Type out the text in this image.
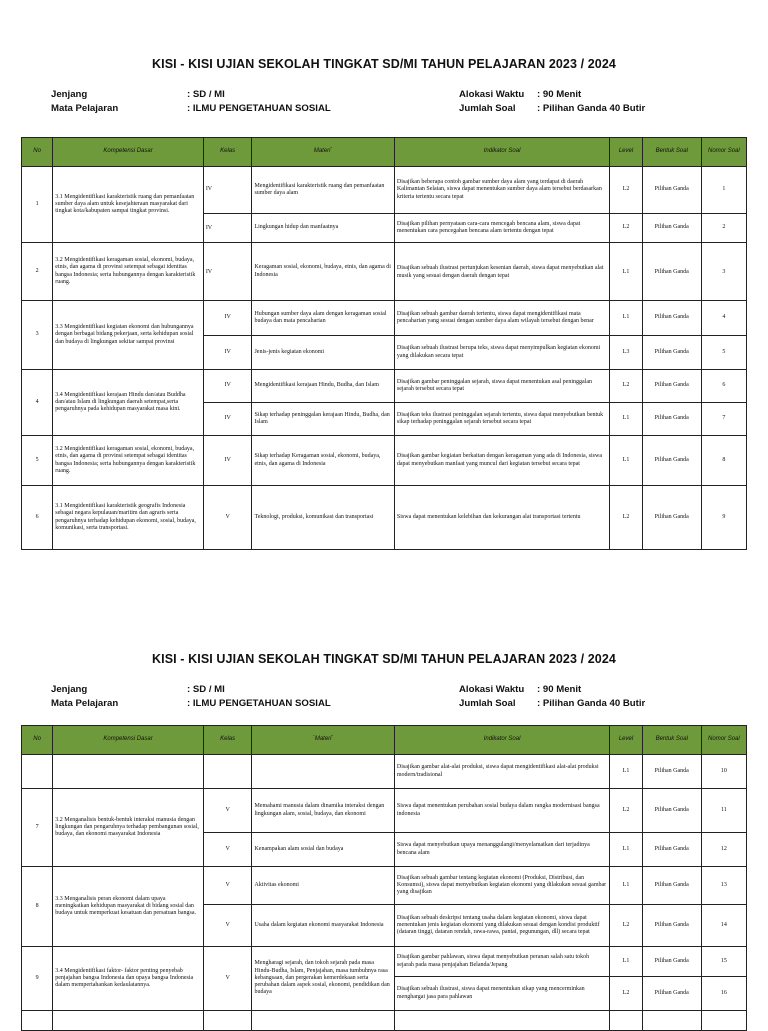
KISI - KISI UJIAN SEKOLAH TINGKAT SD/MI TAHUN PELAJARAN 2023 / 2024
Jenjang	: SD / MI
Mata Pelajaran	: ILMU PENGETAHUAN SOSIAL
Alokasi Waktu : 90 Menit
Jumlah Soal : Pilihan Ganda 40 Butir
No	Kompetensi Dasar	Kelas	Materi`	Indikator Soal	Level	Bentuk Soal	Nomor Soal
1	3.1 Mengidentifikasi karakteristik ruang dan pemanfaatan sumber daya alam untuk kesejahteraan masyarakat dari tingkat kota/kabupaten sampai tingkat provinsi.	IV	Mengidentifikasi karakteristik ruang dan pemanfaatan sumber daya alam	Disajikan beberapa contoh gambar sumber daya alam yang terdapat di daerah Kalimantan Selatan, siswa dapat menentukan sumber daya alam tersebut berdasarkan kriteria tertentu secara tepat	L2	Pilihan Ganda	1
		IV	Lingkungan hidup dan manfaatnya	Disajikan pilihan pernyataan cara-cara mencegah bencana alam, siswa dapat menentukan cara pencegahan bencana alam tertentu dengan tepat	L2	Pilihan Ganda	2
2	3.2 Mengidentifikasi keragaman sosial, ekonomi, budaya, etnis, dan agama di provinsi setempat sebagai identitas bangsa Indonesia; serta hubungannya dengan karakteristik ruang.	IV	Keragaman sosial, ekonomi, budaya, etnis, dan agama di Indonesia	Disajikan sebuah ilustrasi pertunjukan kesenian daerah, siswa dapat menyebutkan alat musik yang sesuai dengan daerah dengan tepat	L1	Pilihan Ganda	3
3	3.3 Mengidentifikasi kegiatan ekonomi dan hubungannya dengan berbagai bidang pekerjaan, serta kehidupan sosial dan budaya di lingkungan sekitar sampai provinsi	IV	Hubungan sumber daya alam dengan keragaman sosial budaya dan mata pencaharian	Disajikan sebuah gambar daerah tertentu, siswa dapat mengidentifikasi mata pencaharian yang sesuai dengan sumber daya alam wilayah tersebut dengan benar	L1	Pilihan Ganda	4
		IV	Jenis-jenis kegiatan ekonomi	Disajikan sebuah ilustrasi berupa teks, siswa dapat menyimpulkan kegiatan ekonomi yang dilakukan secara tepat	L3	Pilihan Ganda	5
4	3.4 Mengidentifikasi kerajaan Hindu dan/atau Buddha dan/atau Islam di lingkungan daerah setempat,serta pengaruhnya pada kehidupan masyarakat masa kini.	IV	Mengidentifikasi kerajaan Hindu, Budha, dan Islam	Disajikan gambar peninggalan sejarah, siswa dapat menentukan asal peninggalan sejarah tersebut secara tepat	L2	Pilihan Ganda	6
		IV	Sikap terhadap peninggalan kerajaan Hindu, Budha, dan Islam	Disajikan teks ilustrasi peninggalan sejarah tertentu, siswa dapat menyebutkan bentuk sikap terhadap peninggalan sejarah tersebut secara tepat	L1	Pilihan Ganda	7
5	3.2 Mengidentifikasi keragaman sosial, ekonomi, budaya, etnis, dan agama di provinsi setempat sebagai identitas bangsa Indonesia; serta hubungannya dengan karakteristik ruang.	IV	Sikap terhadap Keragaman sosial, ekonomi, budaya, etnis, dan agama di Indonesia	Disajikan gambar kegiatan berkaitan dengan keragaman yang ada di Indonesia, siswa dapat menyebutkan manfaat yang muncul dari kegiatan tersebut secara tepat	L1	Pilihan Ganda	8
6	3.1 Mengidentifikasi karakteristik geografis Indonesia sebagai negara kepulauan/maritim dan agraris serta pengaruhnya terhadap kehidupan ekonomi, sosial, budaya, komunikasi, serta transportasi.	V	Teknologi, produksi, komunikasi dan transportasi	Siswa dapat menentukan kelebihan dan kekurangan alat transportasi tertentu	L2	Pilihan Ganda	9
KISI - KISI UJIAN SEKOLAH TINGKAT SD/MI TAHUN PELAJARAN 2023 / 2024
Jenjang	: SD / MI
Mata Pelajaran	: ILMU PENGETAHUAN SOSIAL
Alokasi Waktu : 90 Menit
Jumlah Soal : Pilihan Ganda 40 Butir
No	Kompetensi Dasar	Kelas	`Materi`	Indikator Soal	Level	Bentuk Soal	Nomor Soal
				Disajikan gambar alat-alat produksi, siswa dapat mengidentifikasi alat-alat produksi modern/tradisional	L1	Pilihan Ganda	10
7	3.2 Menganalisis bentuk-bentuk interaksi manusia dengan lingkungan dan pengaruhnya terhadap pembangunan sosial, budaya, dan ekonomi masyarakat Indonesia	V	Memahami manusia dalam dinamika interaksi dengan lingkungan alam, sosial, budaya, dan ekonomi	Siswa dapat menentukan perubahan sosial budaya dalam rangka modernisasi bangsa indonesia	L2	Pilihan Ganda	11
		V	Kenampakan alam sosial dan budaya	Siswa dapat menyebutkan upaya menanggulangi/menyelamatkan dari terjadinya bencana alam	L1	Pilihan Ganda	12
8	3.3 Menganalisis peran ekonomi dalam upaya meningkatkan kehidupan masyarakat di bidang sosial dan budaya untuk memperkuat kesatuan dan persatuan bangsa.	V	Aktivitas ekonomi	Disajikan sebuah gambar tentang kegiatan ekonomi (Produksi, Distribusi, dan Konsumsi), siswa dapat menyebutkan kegiatan ekonomi yang dilakukan sesuai gambar yang disajikan	L1	Pilihan Ganda	13
		V	Usaha dalam kegiatan ekonomi masyarakat Indonesia	Disajikan sebuah deskripsi tentang usaha dalam kegiatan ekonomi, siswa dapat menentukan jenis kegiatan ekonomi yang dilakukan sesuai dengan kondisi produktif (dataran tinggi, dataran rendah, rawa-rawa, pantai, pegunungan, dll) secara tepat	L2	Pilihan Ganda	14
9	3.4 Mengidentifikasi faktor- faktor penting penyebab penjajahan bangsa Indonesia dan upaya bangsa Indonesia dalam mempertahankan kedaulatannya.	V	Mengharagi sejarah, dan tokoh sejarah pada masa Hindu-Budha, Islam, Penjajahan, masa tumbuhnya rasa kebangsaan, dan pergerakan kemerdekaan serta perubahan dalam aspek sosial, ekonomi, pendidikan dan budaya	Disajikan gambar pahlawan, siswa dapat menyebutkan peranan salah satu tokoh sejarah pada masa penjajahan Belanda/Jepang	L1	Pilihan Ganda	15
				Disajikan sebuah ilustrasi, siswa dapat menentukan sikap yang mencerminkan menghargai jasa para pahlawan	L2	Pilihan Ganda	16
